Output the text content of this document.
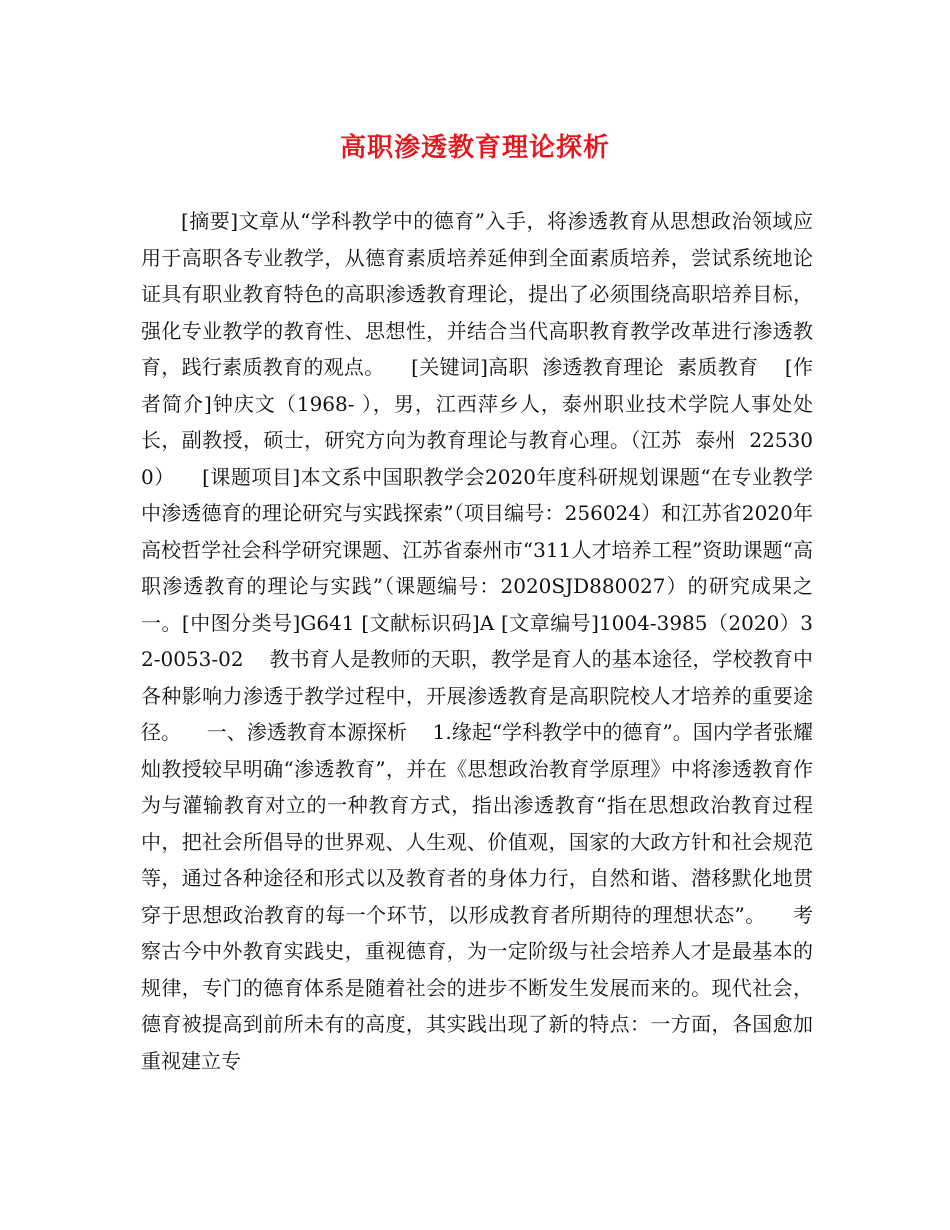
高职渗透教育理论探析

[摘要]文章从“学科教学中的德育”入手，将渗透教育从思想政治领域应用于高职各专业教学，从德育素质培养延伸到全面素质培养，尝试系统地论证具有职业教育特色的高职渗透教育理论，提出了必须围绕高职培养目标，强化专业教学的教育性、思想性，并结合当代高职教育教学改革进行渗透教育，践行素质教育的观点。    [关键词]高职  渗透教育理论  素质教育    [作者简介]钟庆文（1968- ），男，江西萍乡人，泰州职业技术学院人事处处长，副教授，硕士，研究方向为教育理论与教育心理。（江苏  泰州  225300）    [课题项目]本文系中国职教学会2020年度科研规划课题“在专业教学中渗透德育的理论研究与实践探索”（项目编号：256024）和江苏省2020年高校哲学社会科学研究课题、江苏省泰州市“311人才培养工程”资助课题“高职渗透教育的理论与实践”（课题编号：2020SJD880027）的研究成果之一。[中图分类号]G641 [文献标识码]A [文章编号]1004-3985（2020）32-0053-02    教书育人是教师的天职，教学是育人的基本途径，学校教育中各种影响力渗透于教学过程中，开展渗透教育是高职院校人才培养的重要途径。    一、渗透教育本源探析    1.缘起“学科教学中的德育”。国内学者张耀灿教授较早明确“渗透教育”，并在《思想政治教育学原理》中将渗透教育作为与灌输教育对立的一种教育方式，指出渗透教育“指在思想政治教育过程中，把社会所倡导的世界观、人生观、价值观，国家的大政方针和社会规范等，通过各种途径和形式以及教育者的身体力行，自然和谐、潜移默化地贯穿于思想政治教育的每一个环节，以形成教育者所期待的理想状态”。    考察古今中外教育实践史，重视德育，为一定阶级与社会培养人才是最基本的规律，专门的德育体系是随着社会的进步不断发生发展而来的。现代社会，德育被提高到前所未有的高度，其实践出现了新的特点：一方面，各国愈加重视建立专
